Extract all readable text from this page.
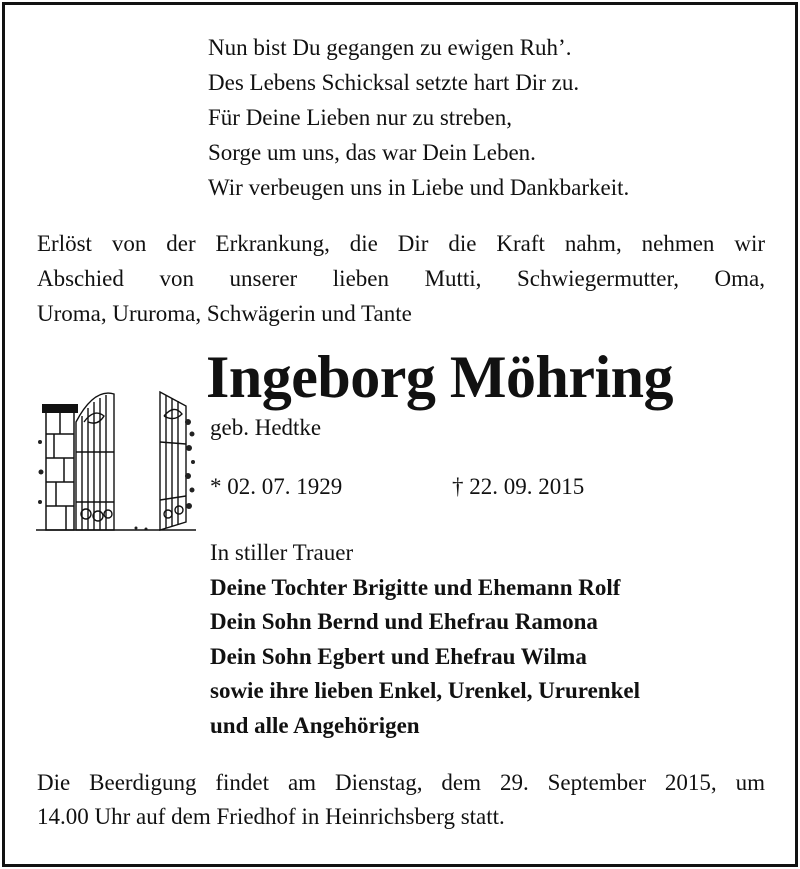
Nun bist Du gegangen zu ewigen Ruh’.
Des Lebens Schicksal setzte hart Dir zu.
Für Deine Lieben nur zu streben,
Sorge um uns, das war Dein Leben.
Wir verbeugen uns in Liebe und Dankbarkeit.
Erlöst von der Erkrankung, die Dir die Kraft nahm, nehmen wir
Abschied von unserer lieben Mutti, Schwiegermutter, Oma,
Uroma, Ururoma, Schwägerin und Tante
Ingeborg Möhring
geb. Hedtke
* 02. 07. 1929	† 22. 09. 2015
In stiller Trauer
Deine Tochter Brigitte und Ehemann Rolf
Dein Sohn Bernd und Ehefrau Ramona
Dein Sohn Egbert und Ehefrau Wilma
sowie ihre lieben Enkel, Urenkel, Ururenkel
und alle Angehörigen
Die Beerdigung findet am Dienstag, dem 29. September 2015, um
14.00 Uhr auf dem Friedhof in Heinrichsberg statt.
